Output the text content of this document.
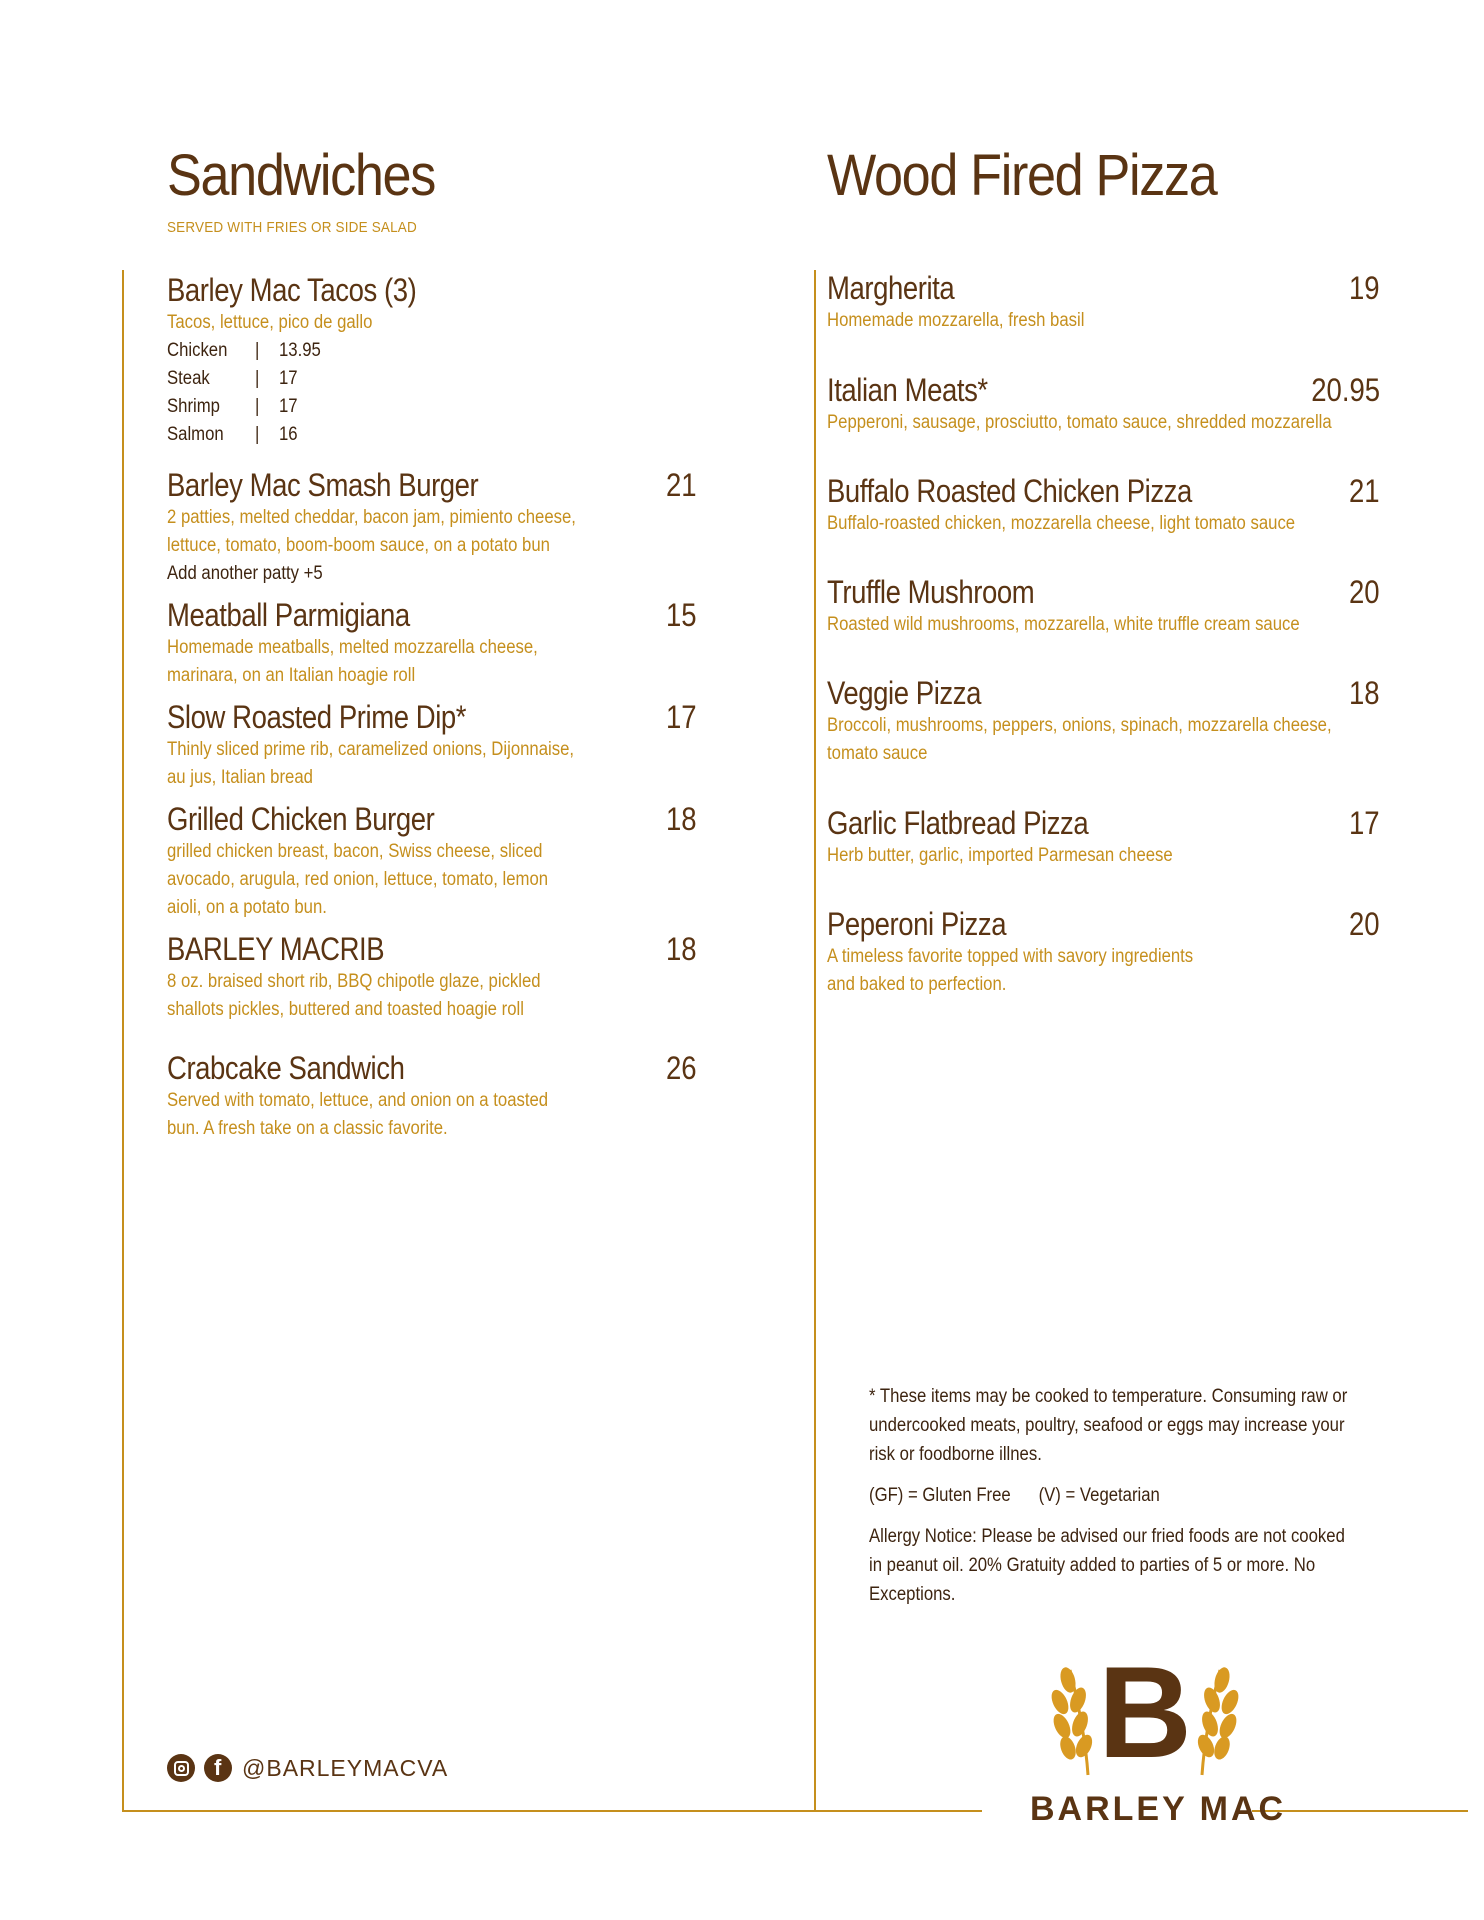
Sandwiches
SERVED WITH FRIES OR SIDE SALAD
Barley Mac Tacos (3)
Tacos, lettuce, pico de gallo
Chicken | 13.95
Steak | 17
Shrimp | 17
Salmon | 16
Barley Mac Smash Burger	21
2 patties, melted cheddar, bacon jam, pimiento cheese,
lettuce, tomato, boom-boom sauce, on a potato bun
Add another patty +5
Meatball Parmigiana	15
Homemade meatballs, melted mozzarella cheese,
marinara, on an Italian hoagie roll
Slow Roasted Prime Dip*	17
Thinly sliced prime rib, caramelized onions, Dijonnaise,
au jus, Italian bread
Grilled Chicken Burger	18
grilled chicken breast, bacon, Swiss cheese, sliced
avocado, arugula, red onion, lettuce, tomato, lemon
aioli, on a potato bun.
BARLEY MACRIB	18
8 oz. braised short rib, BBQ chipotle glaze, pickled
shallots pickles, buttered and toasted hoagie roll
Crabcake Sandwich	26
Served with tomato, lettuce, and onion on a toasted
bun. A fresh take on a classic favorite.
f @BARLEYMACVA
Wood Fired Pizza
Margherita	19
Homemade mozzarella, fresh basil
Italian Meats*	20.95
Pepperoni, sausage, prosciutto, tomato sauce, shredded mozzarella
Buffalo Roasted Chicken Pizza	21
Buffalo-roasted chicken, mozzarella cheese, light tomato sauce
Truffle Mushroom	20
Roasted wild mushrooms, mozzarella, white truffle cream sauce
Veggie Pizza	18
Broccoli, mushrooms, peppers, onions, spinach, mozzarella cheese,
tomato sauce
Garlic Flatbread Pizza	17
Herb butter, garlic, imported Parmesan cheese
Peperoni Pizza	20
A timeless favorite topped with savory ingredients
and baked to perfection.

* These items may be cooked to temperature. Consuming raw or

undercooked meats, poultry, seafood or eggs may increase your

risk or foodborne illnes.

(GF) = Gluten Free      (V) = Vegetarian

Allergy Notice: Please be advised our fried foods are not cooked

in peanut oil. 20% Gratuity added to parties of 5 or more. No

Exceptions.

B
BARLEY MAC
